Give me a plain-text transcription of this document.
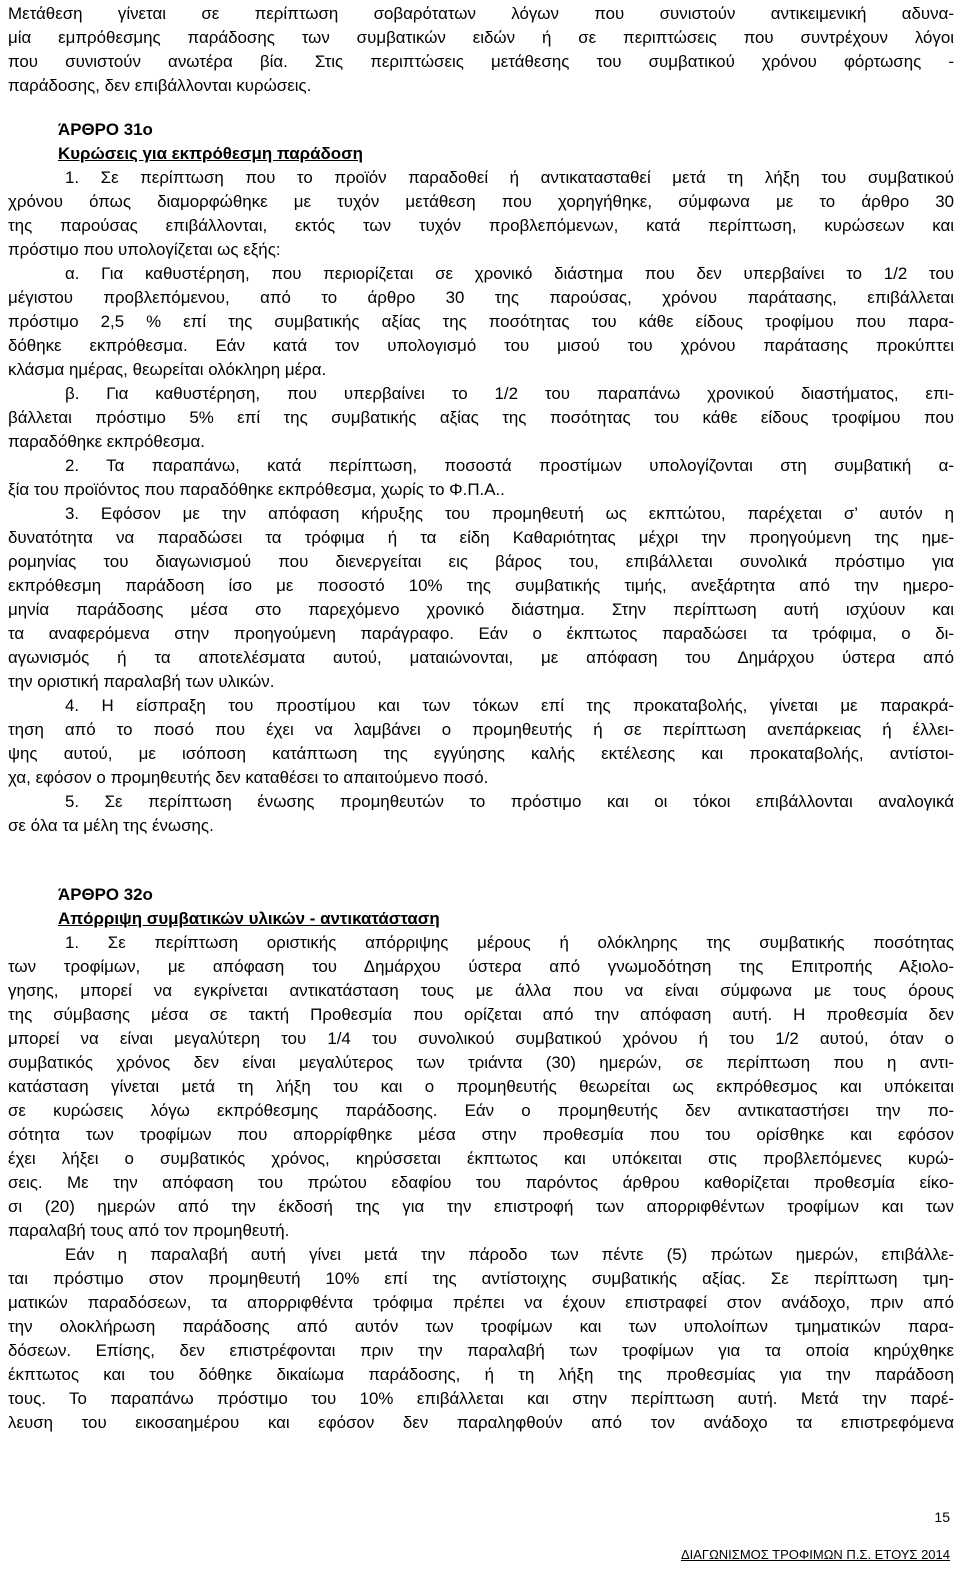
Μετάθεση γίνεται σε περίπτωση σοβαρότατων λόγων που συνιστούν αντικειμενική αδυνα-
μία εμπρόθεσμης παράδοσης των συμβατικών ειδών ή σε περιπτώσεις που συντρέχουν λόγοι
που συνιστούν ανωτέρα βία. Στις περιπτώσεις μετάθεσης του συμβατικού χρόνου φόρτωσης -
παράδοσης, δεν επιβάλλονται κυρώσεις.
ΆΡΘΡΟ 31ο
Κυρώσεις για εκπρόθεσμη παράδοση
1. Σε περίπτωση που το προϊόν παραδοθεί ή αντικατασταθεί μετά τη λήξη του συμβατικού
χρόνου όπως διαμορφώθηκε με τυχόν μετάθεση που χορηγήθηκε, σύμφωνα με το άρθρο 30
της παρούσας επιβάλλονται, εκτός των τυχόν προβλεπόμενων, κατά περίπτωση, κυρώσεων και
πρόστιμο που υπολογίζεται ως εξής:
α. Για καθυστέρηση, που περιορίζεται σε χρονικό διάστημα που δεν υπερβαίνει το 1/2 του
μέγιστου προβλεπόμενου, από το άρθρο 30 της παρούσας, χρόνου παράτασης, επιβάλλεται
πρόστιμο 2,5 % επί της συμβατικής αξίας της ποσότητας του κάθε είδους τροφίμου που παρα-
δόθηκε εκπρόθεσμα. Εάν κατά τον υπολογισμό του μισού του χρόνου παράτασης προκύπτει
κλάσμα ημέρας, θεωρείται ολόκληρη μέρα.
β. Για καθυστέρηση, που υπερβαίνει το 1/2 του παραπάνω χρονικού διαστήματος, επι-
βάλλεται πρόστιμο 5% επί της συμβατικής αξίας της ποσότητας του κάθε είδους τροφίμου που
παραδόθηκε εκπρόθεσμα.
2. Τα παραπάνω, κατά περίπτωση, ποσοστά προστίμων υπολογίζονται στη συμβατική α-
ξία του προϊόντος που παραδόθηκε εκπρόθεσμα, χωρίς το Φ.Π.Α..
3. Εφόσον με την απόφαση κήρυξης του προμηθευτή ως εκπτώτου, παρέχεται σ’ αυτόν η
δυνατότητα να παραδώσει τα τρόφιμα ή τα είδη Καθαριότητας μέχρι την προηγούμενη της ημε-
ρομηνίας του διαγωνισμού που διενεργείται εις βάρος του, επιβάλλεται συνολικά πρόστιμο για
εκπρόθεσμη παράδοση ίσο με ποσοστό 10% της συμβατικής τιμής, ανεξάρτητα από την ημερο-
μηνία παράδοσης μέσα στο παρεχόμενο χρονικό διάστημα. Στην περίπτωση αυτή ισχύουν και
τα αναφερόμενα στην προηγούμενη παράγραφο. Εάν ο έκπτωτος παραδώσει τα τρόφιμα, ο δι-
αγωνισμός ή τα αποτελέσματα αυτού, ματαιώνονται, με απόφαση του Δημάρχου ύστερα από
την οριστική παραλαβή των υλικών.
4. Η είσπραξη του προστίμου και των τόκων επί της προκαταβολής, γίνεται με παρακρά-
τηση από το ποσό που έχει να λαμβάνει ο προμηθευτής ή σε περίπτωση ανεπάρκειας ή έλλει-
ψης αυτού, με ισόποση κατάπτωση της εγγύησης καλής εκτέλεσης και προκαταβολής, αντίστοι-
χα, εφόσον ο προμηθευτής δεν καταθέσει το απαιτούμενο ποσό.
5. Σε περίπτωση ένωσης προμηθευτών το πρόστιμο και οι τόκοι επιβάλλονται αναλογικά
σε όλα τα μέλη της ένωσης.
ΆΡΘΡΟ 32ο
Απόρριψη συμβατικών υλικών - αντικατάσταση
1. Σε περίπτωση οριστικής απόρριψης μέρους ή ολόκληρης της συμβατικής ποσότητας
των τροφίμων, με απόφαση του Δημάρχου ύστερα από γνωμοδότηση της Επιτροπής Αξιολο-
γησης, μπορεί να εγκρίνεται αντικατάσταση τους με άλλα που να είναι σύμφωνα με τους όρους
της σύμβασης μέσα σε τακτή Προθεσμία που ορίζεται από την απόφαση αυτή. Η προθεσμία δεν
μπορεί να είναι μεγαλύτερη του 1/4 του συνολικού συμβατικού χρόνου ή του 1/2 αυτού, όταν ο
συμβατικός χρόνος δεν είναι μεγαλύτερος των τριάντα (30) ημερών, σε περίπτωση που η αντι-
κατάσταση γίνεται μετά τη λήξη του και ο προμηθευτής θεωρείται ως εκπρόθεσμος και υπόκειται
σε κυρώσεις λόγω εκπρόθεσμης παράδοσης. Εάν ο προμηθευτής δεν αντικαταστήσει την πο-
σότητα των τροφίμων που απορρίφθηκε μέσα στην προθεσμία που του ορίσθηκε και εφόσον
έχει λήξει ο συμβατικός χρόνος, κηρύσσεται έκπτωτος και υπόκειται στις προβλεπόμενες κυρώ-
σεις. Με την απόφαση του πρώτου εδαφίου του παρόντος άρθρου καθορίζεται προθεσμία είκο-
σι (20) ημερών από την έκδοσή της για την επιστροφή των απορριφθέντων τροφίμων και των
παραλαβή τους από τον προμηθευτή.
Εάν η παραλαβή αυτή γίνει μετά την πάροδο των πέντε (5) πρώτων ημερών, επιβάλλε-
ται πρόστιμο στον προμηθευτή 10% επί της αντίστοιχης συμβατικής αξίας. Σε περίπτωση τμη-
ματικών παραδόσεων, τα απορριφθέντα τρόφιμα πρέπει να έχουν επιστραφεί στον ανάδοχο, πριν από
την ολοκλήρωση παράδοσης από αυτόν των τροφίμων και των υπολοίπων τμηματικών παρα-
δόσεων. Επίσης, δεν επιστρέφονται πριν την παραλαβή των τροφίμων για τα οποία κηρύχθηκε
έκπτωτος και του δόθηκε δικαίωμα παράδοσης, ή τη λήξη της προθεσμίας για την παράδοση
τους. Το παραπάνω πρόστιμο του 10% επιβάλλεται και στην περίπτωση αυτή. Μετά την παρέ-
λευση του εικοσαημέρου και εφόσον δεν παραληφθούν από τον ανάδοχο τα επιστρεφόμενα
15
ΔΙΑΓΩΝΙΣΜΟΣ ΤΡΟΦΙΜΩΝ Π.Σ. ΕΤΟΥΣ 2014
